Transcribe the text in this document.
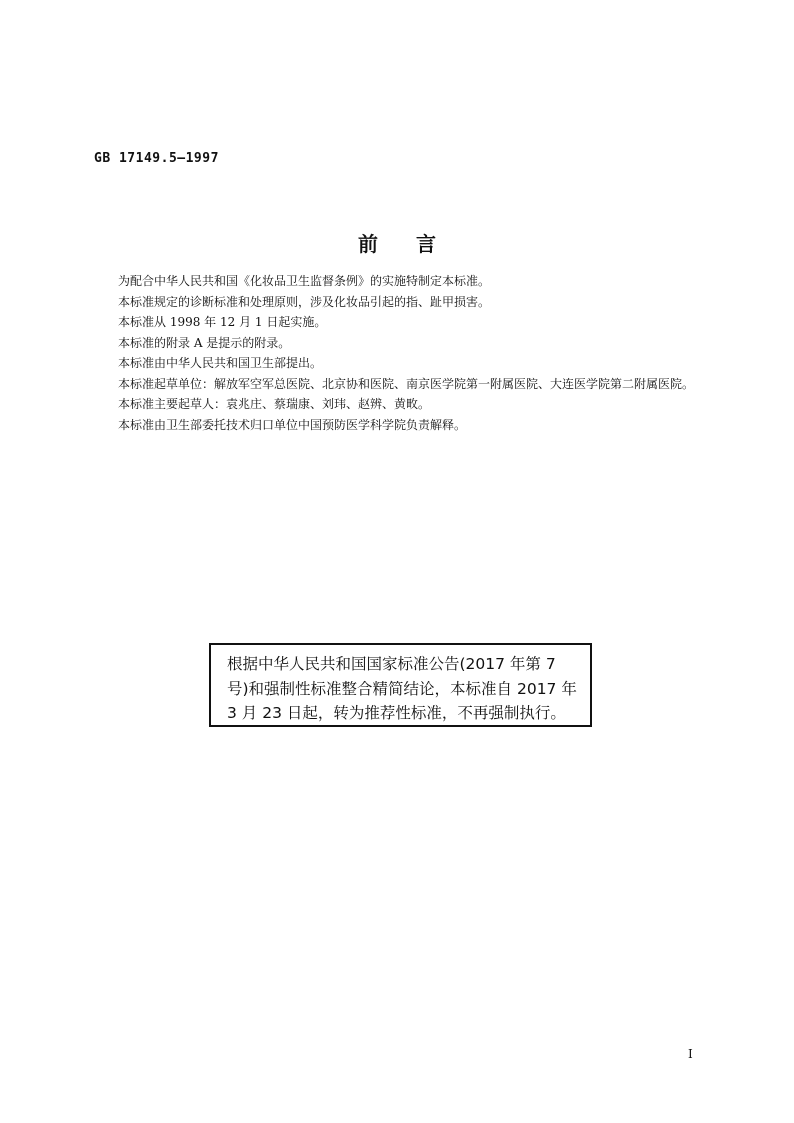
GB 17149.5—1997
前言

为配合中华人民共和国《化妆品卫生监督条例》的实施特制定本标准。

本标准规定的诊断标准和处理原则，涉及化妆品引起的指、趾甲损害。

本标准从 1998 年 12 月 1 日起实施。

本标准的附录 A 是提示的附录。

本标准由中华人民共和国卫生部提出。

本标准起草单位：解放军空军总医院、北京协和医院、南京医学院第一附属医院、大连医学院第二附属医院。

本标准主要起草人：袁兆庄、蔡瑞康、刘玮、赵辨、黄畋。

本标准由卫生部委托技术归口单位中国预防医学科学院负责解释。

根据中华人民共和国国家标准公告(2017 年第 7 号)和强制性标准整合精简结论，本标准自 2017 年 3 月 23 日起，转为推荐性标准，不再强制执行。
I
